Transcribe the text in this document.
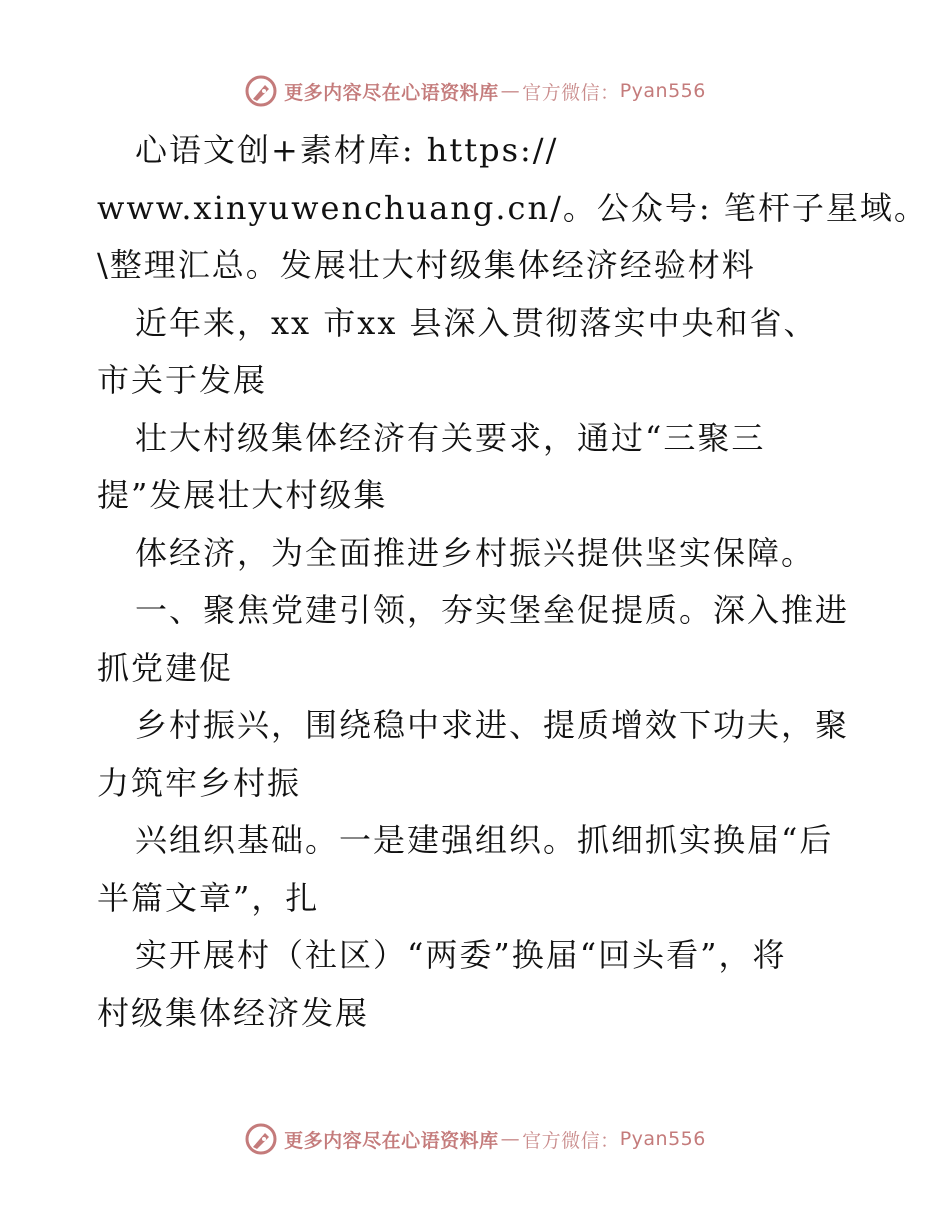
更多内容尽在心语资料库 — 官方微信： Pyan556
心语文创+素材库: https://
www.xinyuwenchuang.cn/。公众号: 笔杆子星域。
\整理汇总。发展壮大村级集体经济经验材料
近年来，xx 市xx 县深入贯彻落实中央和省、
市关于发展
壮大村级集体经济有关要求，通过“三聚三
提”发展壮大村级集
体经济，为全面推进乡村振兴提供坚实保障。
一、聚焦党建引领，夯实堡垒促提质。深入推进
抓党建促
乡村振兴，围绕稳中求进、提质增效下功夫，聚
力筑牢乡村振
兴组织基础。一是建强组织。抓细抓实换届“后
半篇文章”，扎
实开展村（社区）“两委”换届“回头看”，将
村级集体经济发展
更多内容尽在心语资料库 — 官方微信： Pyan556
